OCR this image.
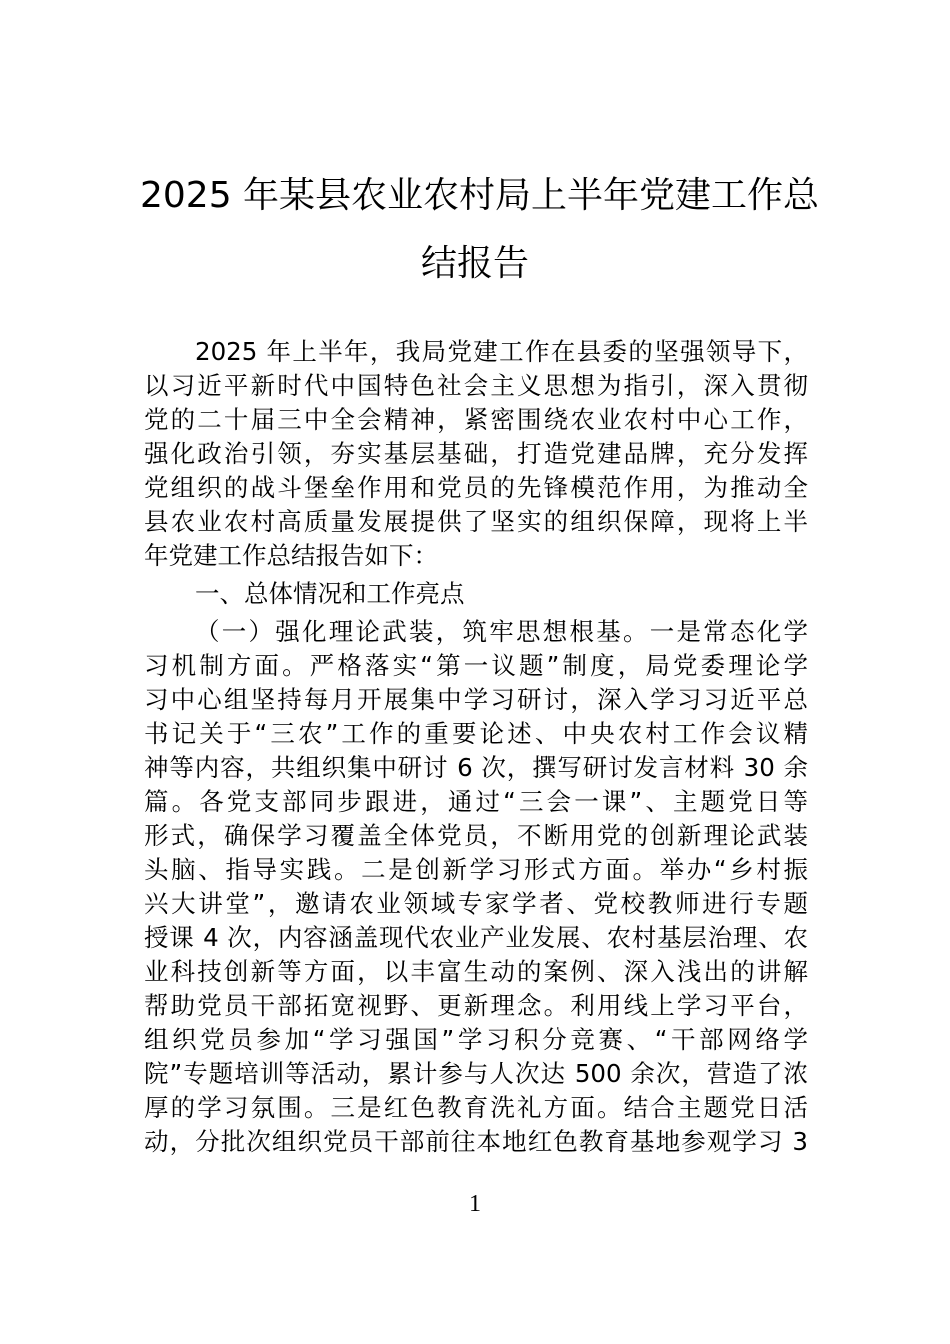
2025 年某县农业农村局上半年党建工作总
结报告
2025 年上半年，我局党建工作在县委的坚强领导下，
以习近平新时代中国特色社会主义思想为指引，深入贯彻
党的二十届三中全会精神，紧密围绕农业农村中心工作，
强化政治引领，夯实基层基础，打造党建品牌，充分发挥
党组织的战斗堡垒作用和党员的先锋模范作用，为推动全
县农业农村高质量发展提供了坚实的组织保障，现将上半
年党建工作总结报告如下：
一、总体情况和工作亮点
（一）强化理论武装，筑牢思想根基。一是常态化学
习机制方面。严格落实“第一议题”制度，局党委理论学
习中心组坚持每月开展集中学习研讨，深入学习习近平总
书记关于“三农”工作的重要论述、中央农村工作会议精
神等内容，共组织集中研讨 6 次，撰写研讨发言材料 30 余
篇。各党支部同步跟进，通过“三会一课”、主题党日等
形式，确保学习覆盖全体党员，不断用党的创新理论武装
头脑、指导实践。二是创新学习形式方面。举办“乡村振
兴大讲堂”，邀请农业领域专家学者、党校教师进行专题
授课 4 次，内容涵盖现代农业产业发展、农村基层治理、农
业科技创新等方面，以丰富生动的案例、深入浅出的讲解
帮助党员干部拓宽视野、更新理念。利用线上学习平台，
组织党员参加“学习强国”学习积分竞赛、“干部网络学
院”专题培训等活动，累计参与人次达 500 余次，营造了浓
厚的学习氛围。三是红色教育洗礼方面。结合主题党日活
动，分批次组织党员干部前往本地红色教育基地参观学习 3
1
